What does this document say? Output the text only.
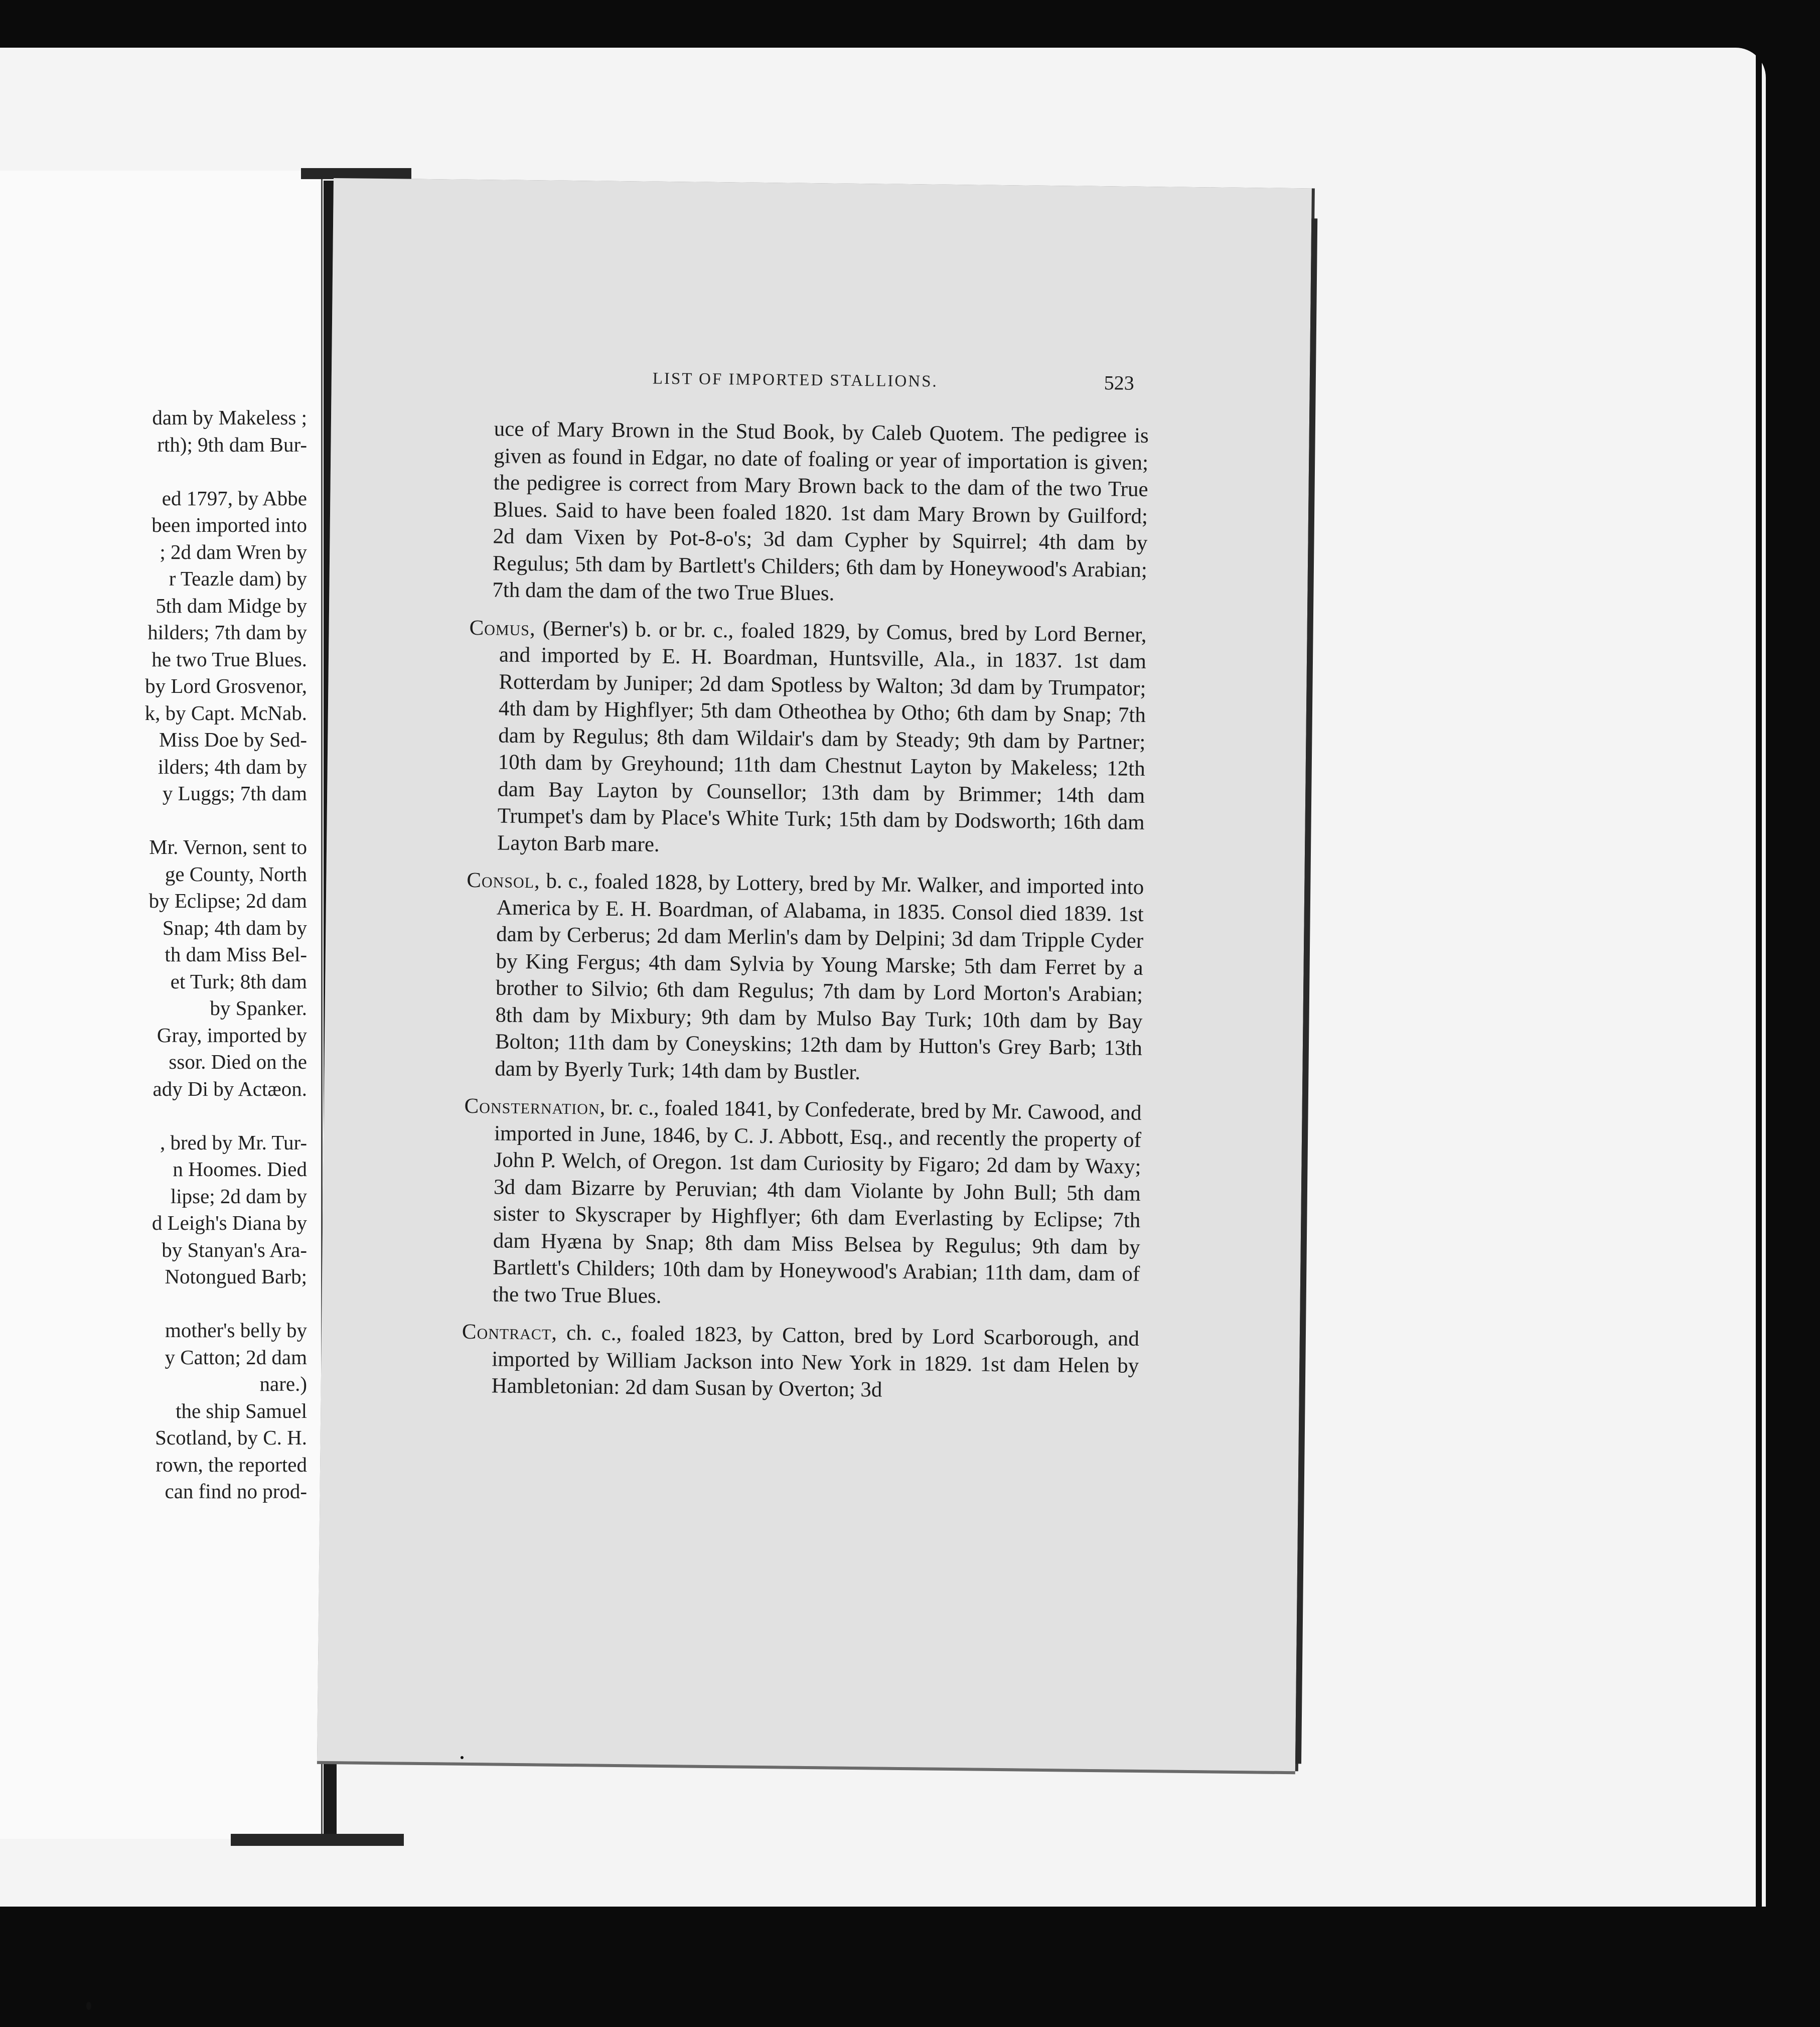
dam by Makeless ;
rth); 9th dam Bur-
ed 1797, by Abbe
been imported into
; 2d dam Wren by
r Teazle dam) by
5th dam Midge by
hilders; 7th dam by
he two True Blues.
by Lord Grosvenor,
k, by Capt. McNab.
Miss Doe by Sed-
ilders; 4th dam by
y Luggs; 7th dam
Mr. Vernon, sent to
ge County, North
by Eclipse; 2d dam
Snap; 4th dam by
th dam Miss Bel-
et Turk; 8th dam
by Spanker.
Gray, imported by
ssor. Died on the
ady Di by Actæon.
, bred by Mr. Tur-
n Hoomes. Died
lipse; 2d dam by
d Leigh's Diana by
by Stanyan's Ara-
Notongued Barb;
mother's belly by
y Catton; 2d dam
nare.)
the ship Samuel
Scotland, by C. H.
rown, the reported
can find no prod-
LIST OF IMPORTED STALLIONS.	523

uce of Mary Brown in the Stud Book, by Caleb Quotem. The pedigree is given as found in Edgar, no date of foaling or year of importation is given; the pedigree is correct from Mary Brown back to the dam of the two True Blues. Said to have been foaled 1820. 1st dam Mary Brown by Guilford; 2d dam Vixen by Pot-8-o's; 3d dam Cypher by Squirrel; 4th dam by Regulus; 5th dam by Bartlett's Childers; 6th dam by Honeywood's Arabian; 7th dam the dam of the two True Blues.

Comus, (Berner's) b. or br. c., foaled 1829, by Comus, bred by Lord Berner, and imported by E. H. Boardman, Huntsville, Ala., in 1837. 1st dam Rotterdam by Juniper; 2d dam Spotless by Walton; 3d dam by Trumpator; 4th dam by Highflyer; 5th dam Otheothea by Otho; 6th dam by Snap; 7th dam by Regulus; 8th dam Wildair's dam by Steady; 9th dam by Partner; 10th dam by Greyhound; 11th dam Chestnut Layton by Makeless; 12th dam Bay Layton by Counsellor; 13th dam by Brimmer; 14th dam Trumpet's dam by Place's White Turk; 15th dam by Dodsworth; 16th dam Layton Barb mare.

Consol, b. c., foaled 1828, by Lottery, bred by Mr. Walker, and imported into America by E. H. Boardman, of Alabama, in 1835. Consol died 1839. 1st dam by Cerberus; 2d dam Merlin's dam by Delpini; 3d dam Tripple Cyder by King Fergus; 4th dam Sylvia by Young Marske; 5th dam Ferret by a brother to Silvio; 6th dam Regulus; 7th dam by Lord Morton's Arabian; 8th dam by Mixbury; 9th dam by Mulso Bay Turk; 10th dam by Bay Bolton; 11th dam by Coneyskins; 12th dam by Hutton's Grey Barb; 13th dam by Byerly Turk; 14th dam by Bustler.

Consternation, br. c., foaled 1841, by Confederate, bred by Mr. Cawood, and imported in June, 1846, by C. J. Abbott, Esq., and recently the property of John P. Welch, of Oregon. 1st dam Curiosity by Figaro; 2d dam by Waxy; 3d dam Bizarre by Peruvian; 4th dam Violante by John Bull; 5th dam sister to Skyscraper by Highflyer; 6th dam Everlasting by Eclipse; 7th dam Hyæna by Snap; 8th dam Miss Belsea by Regulus; 9th dam by Bartlett's Childers; 10th dam by Honeywood's Arabian; 11th dam, dam of the two True Blues.

Contract, ch. c., foaled 1823, by Catton, bred by Lord Scarborough, and imported by William Jackson into New York in 1829. 1st dam Helen by Hambletonian: 2d dam Susan by Overton; 3d
